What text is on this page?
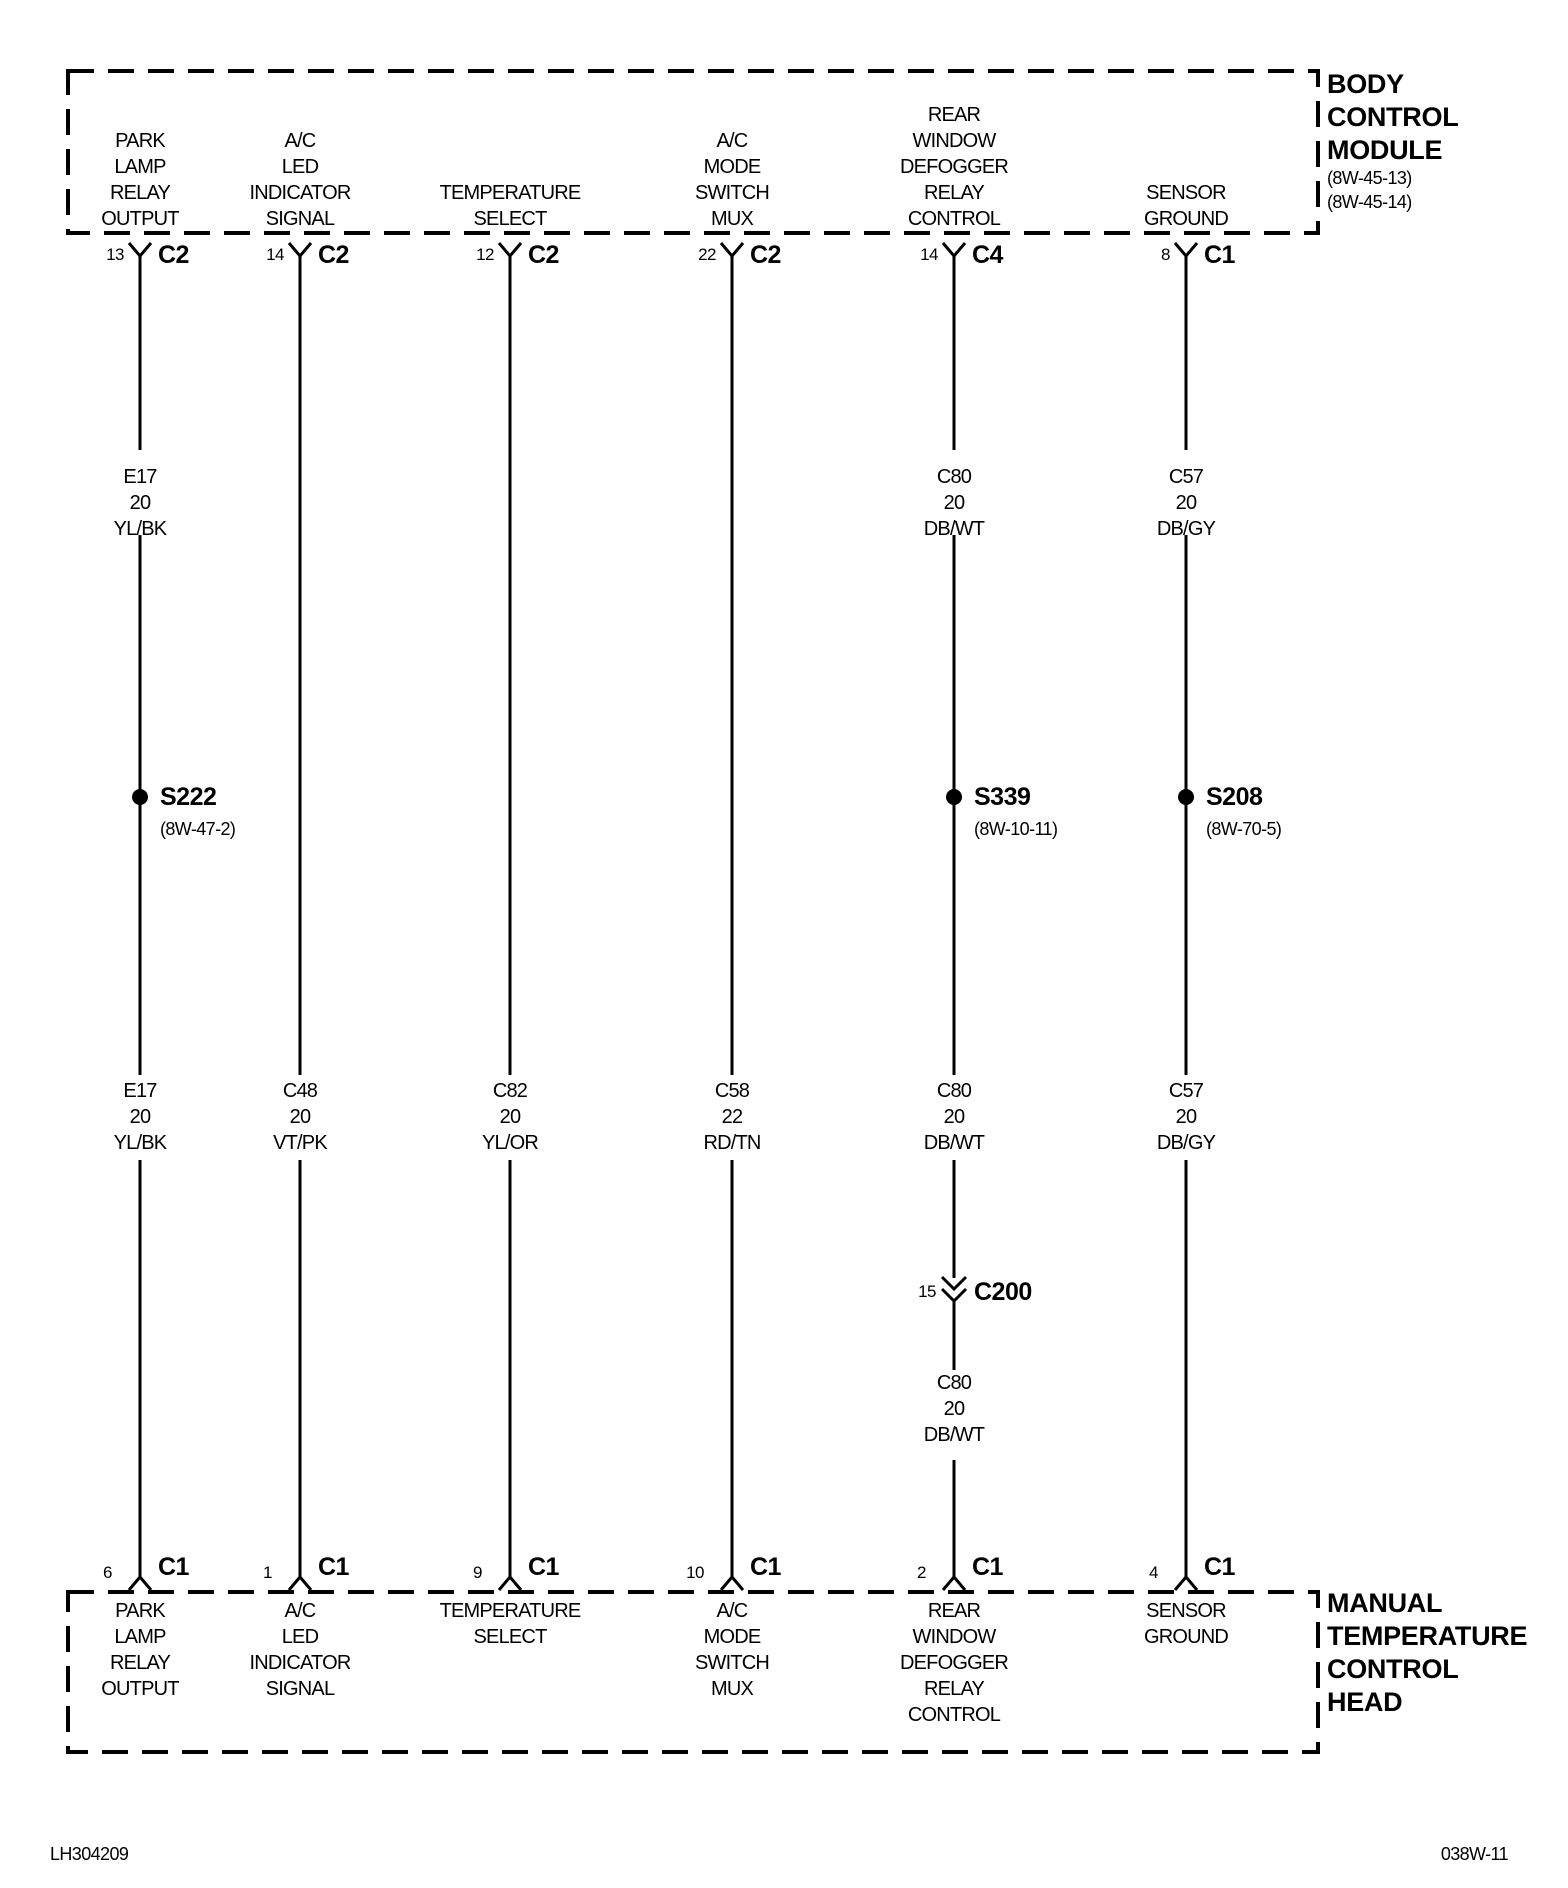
BODY
CONTROL
MODULE
(8W-45-13)
(8W-45-14)
MANUAL
TEMPERATURE
CONTROL
HEAD
PARK
LAMP
RELAY
OUTPUT
13 C2
6 C1
PARK
LAMP
RELAY
OUTPUT
E17
20
YL/BK
E17
20
YL/BK
S222
(8W-47-2)
A/C
LED
INDICATOR
SIGNAL
14 C2
1 C1
A/C
LED
INDICATOR
SIGNAL
C48
20
VT/PK
TEMPERATURE
SELECT
12 C2
9 C1
TEMPERATURE
SELECT
C82
20
YL/OR
A/C
MODE
SWITCH
MUX
22 C2
10 C1
A/C
MODE
SWITCH
MUX
C58
22
RD/TN
REAR
WINDOW
DEFOGGER
RELAY
CONTROL
14 C4
2 C1
REAR
WINDOW
DEFOGGER
RELAY
CONTROL
C80
20
DB/WT
C80
20
DB/WT
15 C200
C80
20
DB/WT
S339
(8W-10-11)
SENSOR
GROUND
8 C1
4 C1
SENSOR
GROUND
C57
20
DB/GY
C57
20
DB/GY
S208
(8W-70-5)
LH304209	038W-11
